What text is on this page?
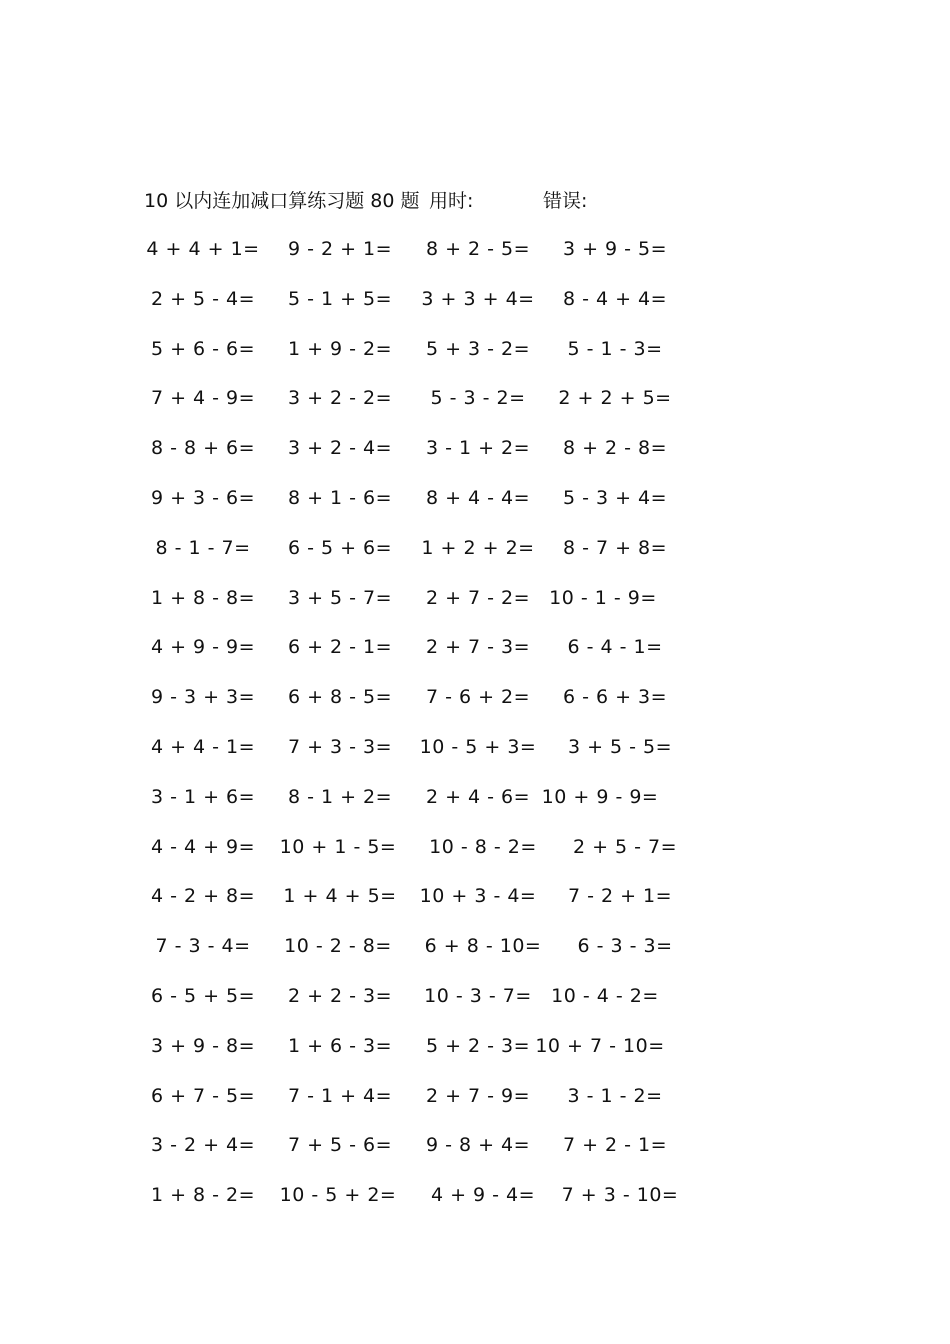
10 以内连加减口算练习题 80 题 用时:	错误:
4 + 4 + 1=	9 - 2 + 1=	8 + 2 - 5=	3 + 9 - 5=
2 + 5 - 4=	5 - 1 + 5=	3 + 3 + 4=	8 - 4 + 4=
5 + 6 - 6=	1 + 9 - 2=	5 + 3 - 2=	5 - 1 - 3=
7 + 4 - 9=	3 + 2 - 2=	5 - 3 - 2=	2 + 2 + 5=
8 - 8 + 6=	3 + 2 - 4=	3 - 1 + 2=	8 + 2 - 8=
9 + 3 - 6=	8 + 1 - 6=	8 + 4 - 4=	5 - 3 + 4=
8 - 1 - 7=	6 - 5 + 6=	1 + 2 + 2=	8 - 7 + 8=
1 + 8 - 8=	3 + 5 - 7=	2 + 7 - 2=	10 - 1 - 9=
4 + 9 - 9=	6 + 2 - 1=	2 + 7 - 3=	6 - 4 - 1=
9 - 3 + 3=	6 + 8 - 5=	7 - 6 + 2=	6 - 6 + 3=
4 + 4 - 1=	7 + 3 - 3=	10 - 5 + 3=	3 + 5 - 5=
3 - 1 + 6=	8 - 1 + 2=	2 + 4 - 6= 10 + 9 - 9=
4 - 4 + 9=	10 + 1 - 5=	10 - 8 - 2=	2 + 5 - 7=
4 - 2 + 8=	1 + 4 + 5=	10 + 3 - 4=	7 - 2 + 1=
7 - 3 - 4=	10 - 2 - 8=	6 + 8 - 10=	6 - 3 - 3=
6 - 5 + 5=	2 + 2 - 3=	10 - 3 - 7=	10 - 4 - 2=
3 + 9 - 8=	1 + 6 - 3=	5 + 2 - 3= 10 + 7 - 10=
6 + 7 - 5=	7 - 1 + 4=	2 + 7 - 9=	3 - 1 - 2=
3 - 2 + 4=	7 + 5 - 6=	9 - 8 + 4=	7 + 2 - 1=
1 + 8 - 2=	10 - 5 + 2=	4 + 9 - 4=	7 + 3 - 10=
